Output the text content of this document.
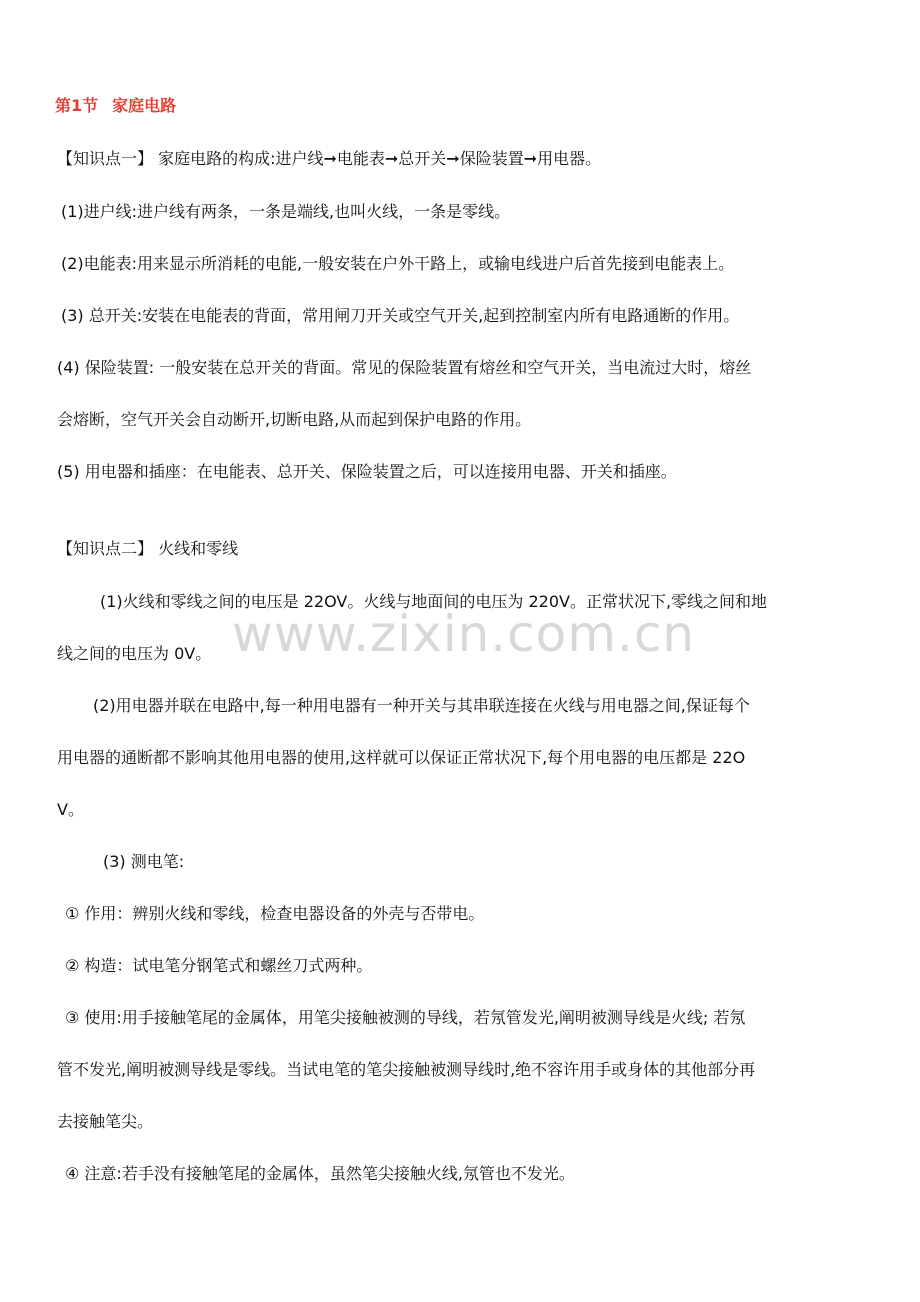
第1节 家庭电路
www.zixin.com.cn
【知识点一】 家庭电路的构成:进户线➞电能表➞总开关➞保险装置➞用电器。
(1)进户线:进户线有两条，一条是端线,也叫火线，一条是零线。
(2)电能表:用来显示所消耗的电能,一般安装在户外干路上，或输电线进户后首先接到电能表上。
(3) 总开关:安装在电能表的背面，常用闸刀开关或空气开关,起到控制室内所有电路通断的作用。
(4) 保险装置: 一般安装在总开关的背面。常见的保险装置有熔丝和空气开关，当电流过大时，熔丝
会熔断，空气开关会自动断开,切断电路,从而起到保护电路的作用。
(5) 用电器和插座：在电能表、总开关、保险装置之后，可以连接用电器、开关和插座。
【知识点二】 火线和零线
(1)火线和零线之间的电压是 22OV。火线与地面间的电压为 220V。正常状况下,零线之间和地
线之间的电压为 0V。
(2)用电器并联在电路中,每一种用电器有一种开关与其串联连接在火线与用电器之间,保证每个
用电器的通断都不影响其他用电器的使用,这样就可以保证正常状况下,每个用电器的电压都是 22O
V。
(3) 测电笔:
① 作用：辨别火线和零线，检查电器设备的外壳与否带电。
② 构造：试电笔分钢笔式和螺丝刀式两种。
③ 使用:用手接触笔尾的金属体，用笔尖接触被测的导线，若氖管发光,阐明被测导线是火线; 若氖
管不发光,阐明被测导线是零线。当试电笔的笔尖接触被测导线时,绝不容许用手或身体的其他部分再
去接触笔尖。
④ 注意:若手没有接触笔尾的金属体，虽然笔尖接触火线,氖管也不发光。
